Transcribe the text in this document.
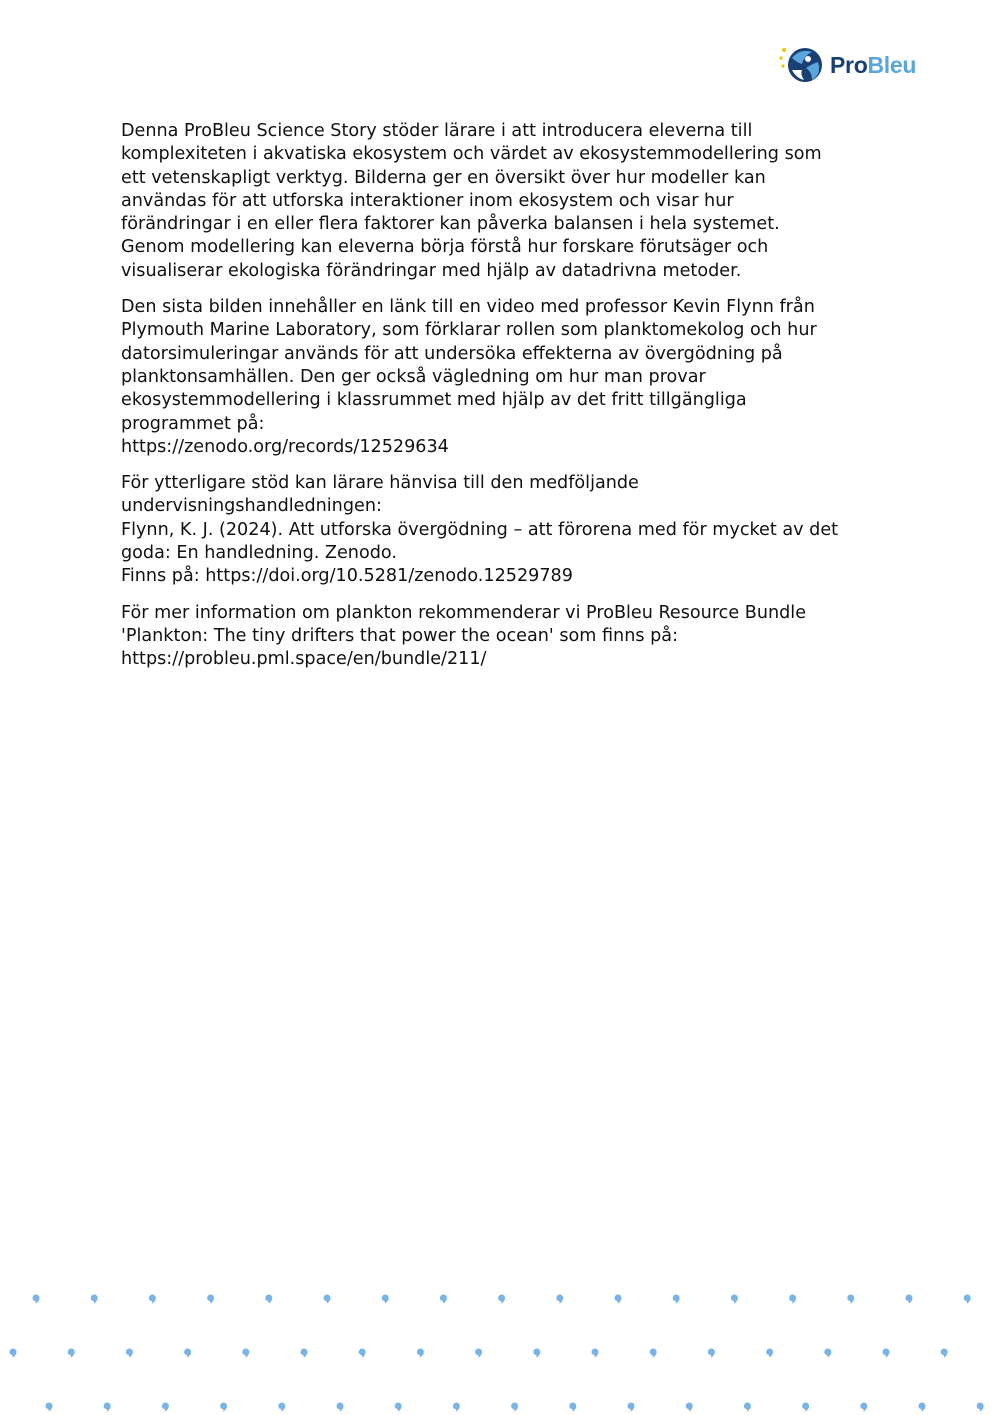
ProBleu
Denna ProBleu Science Story stöder lärare i att introducera eleverna till
komplexiteten i akvatiska ekosystem och värdet av ekosystemmodellering som
ett vetenskapligt verktyg. Bilderna ger en översikt över hur modeller kan
användas för att utforska interaktioner inom ekosystem och visar hur
förändringar i en eller flera faktorer kan påverka balansen i hela systemet.
Genom modellering kan eleverna börja förstå hur forskare förutsäger och
visualiserar ekologiska förändringar med hjälp av datadrivna metoder.
Den sista bilden innehåller en länk till en video med professor Kevin Flynn från
Plymouth Marine Laboratory, som förklarar rollen som planktomekolog och hur
datorsimuleringar används för att undersöka effekterna av övergödning på
planktonsamhällen. Den ger också vägledning om hur man provar
ekosystemmodellering i klassrummet med hjälp av det fritt tillgängliga
programmet på:
https://zenodo.org/records/12529634
För ytterligare stöd kan lärare hänvisa till den medföljande
undervisningshandledningen:
Flynn, K. J. (2024). Att utforska övergödning – att förorena med för mycket av det
goda: En handledning. Zenodo.
Finns på: https://doi.org/10.5281/zenodo.12529789
För mer information om plankton rekommenderar vi ProBleu Resource Bundle
'Plankton: The tiny drifters that power the ocean' som finns på:
https://probleu.pml.space/en/bundle/211/
